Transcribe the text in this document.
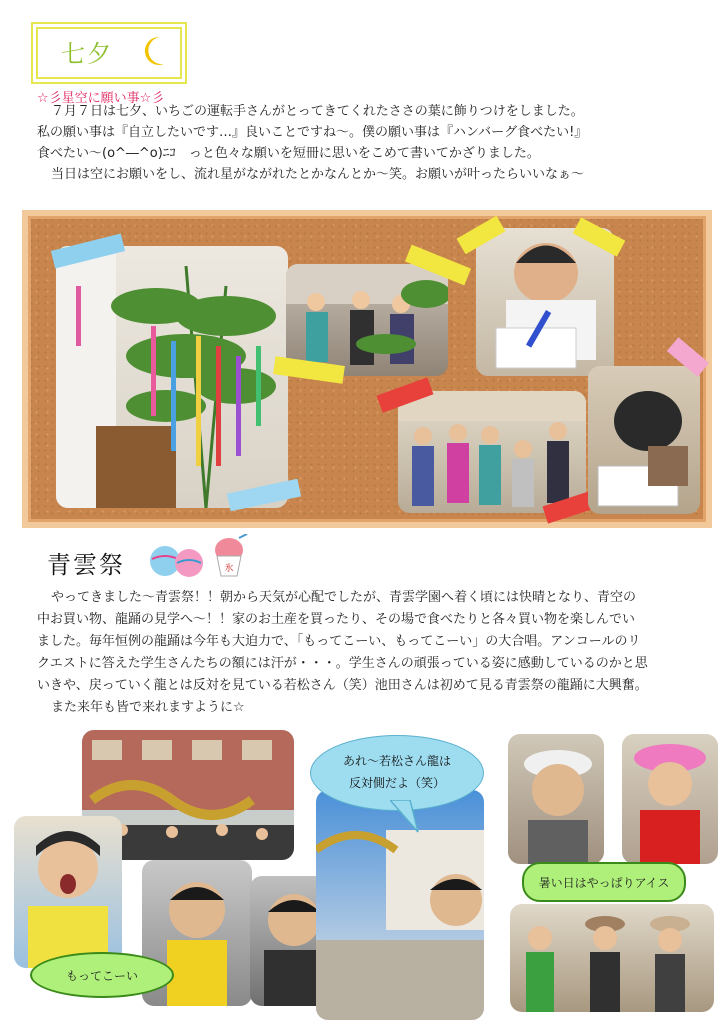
七夕
☆彡星空に願い事☆彡
７月７日は七夕、いちごの運転手さんがとってきてくれたささの葉に飾りつけをしました。
私の願い事は『自立したいです…』良いことですね～。僕の願い事は『ハンバーグ食べたい!』
食べたい～(o^―^o)ﾆｺ　っと色々な願いを短冊に思いをこめて書いてかざりました。
当日は空にお願いをし、流れ星がながれたとかなんとか～笑。お願いが叶ったらいいなぁ～
青雲祭	氷
やってきました～青雲祭！！朝から天気が心配でしたが、青雲学園へ着く頃には快晴となり、青空の
中お買い物、龍踊の見学へ～！！家のお土産を買ったり、その場で食べたりと各々買い物を楽しんでい
ました。毎年恒例の龍踊は今年も大迫力で、「もってこーい、もってこーい」の大合唱。アンコールのリ
クエストに答えた学生さんたちの額には汗が・・・。学生さんの頑張っている姿に感動しているのかと思
いきや、戻っていく龍とは反対を見ている若松さん（笑）池田さんは初めて見る青雲祭の龍踊に大興奮。
また来年も皆で来れますように☆
あれ～若松さん龍は
反対側だよ（笑）
もってこーい
暑い日はやっぱりアイス
